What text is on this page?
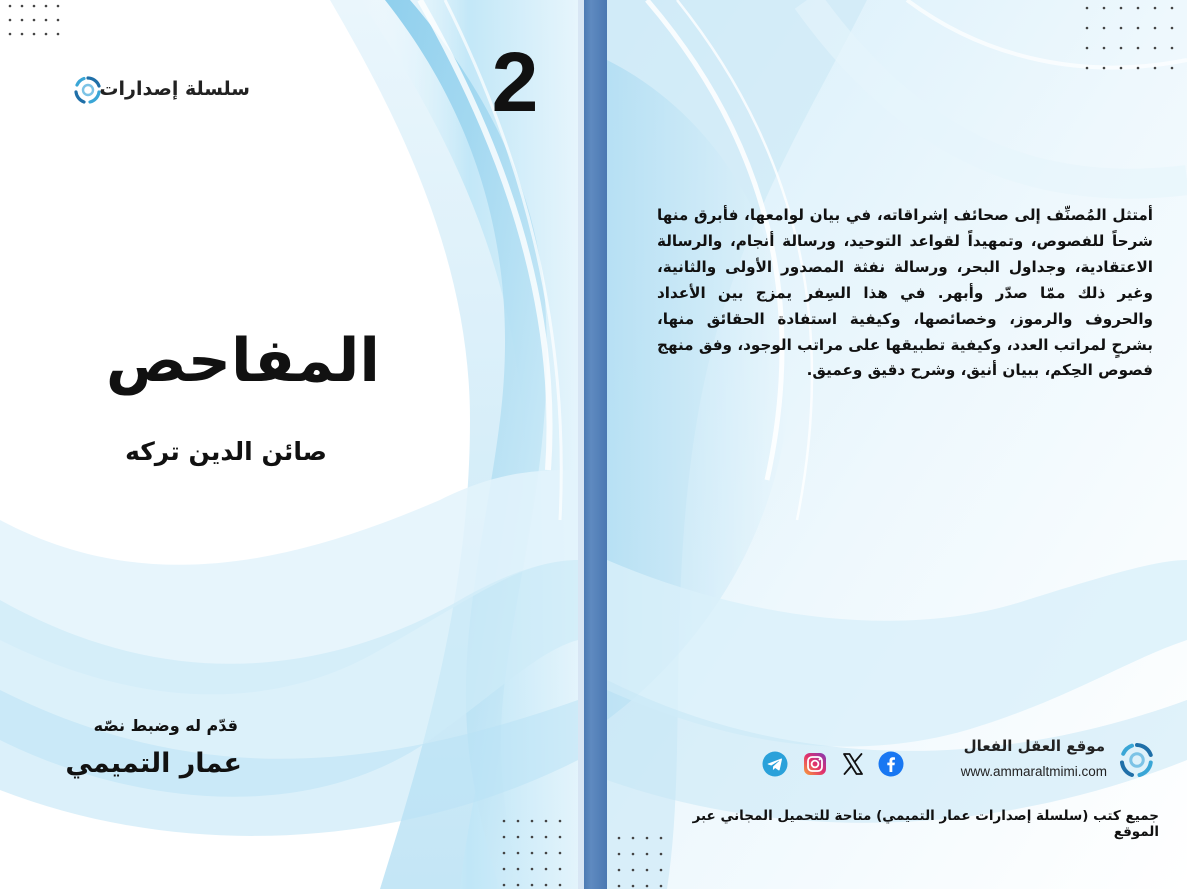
سلسلة إصدارات	2
المفاحص
صائن الدين تركه
قدّم له وضبط نصّه
عمار التميمي
أمتثل المُصنِّف إلى صحائف إشراقاته، في بيان لوامعها، فأبرق منها شرحاً للفصوص، وتمهيداً لقواعد التوحيد، ورسالة أنجام، والرسالة الاعتقادية، وجداول البحر، ورسالة نفثة المصدور الأولى والثانية، وغير ذلك ممّا صدّر وأبهر. في هذا السِفر يمزج بين الأعداد والحروف والرموز، وخصائصها، وكيفية استفادة الحقائق منها، بشرحٍ لمراتب العدد، وكيفية تطبيقها على مراتب الوجود، وفق منهج فصوص الحِكم، ببيان أنيق، وشرح دقيق وعميق.
موقع العقل الفعال
www.ammaraltmimi.com
جميع كتب (سلسلة إصدارات عمار التميمي) متاحة للتحميل المجاني عبر الموقع
